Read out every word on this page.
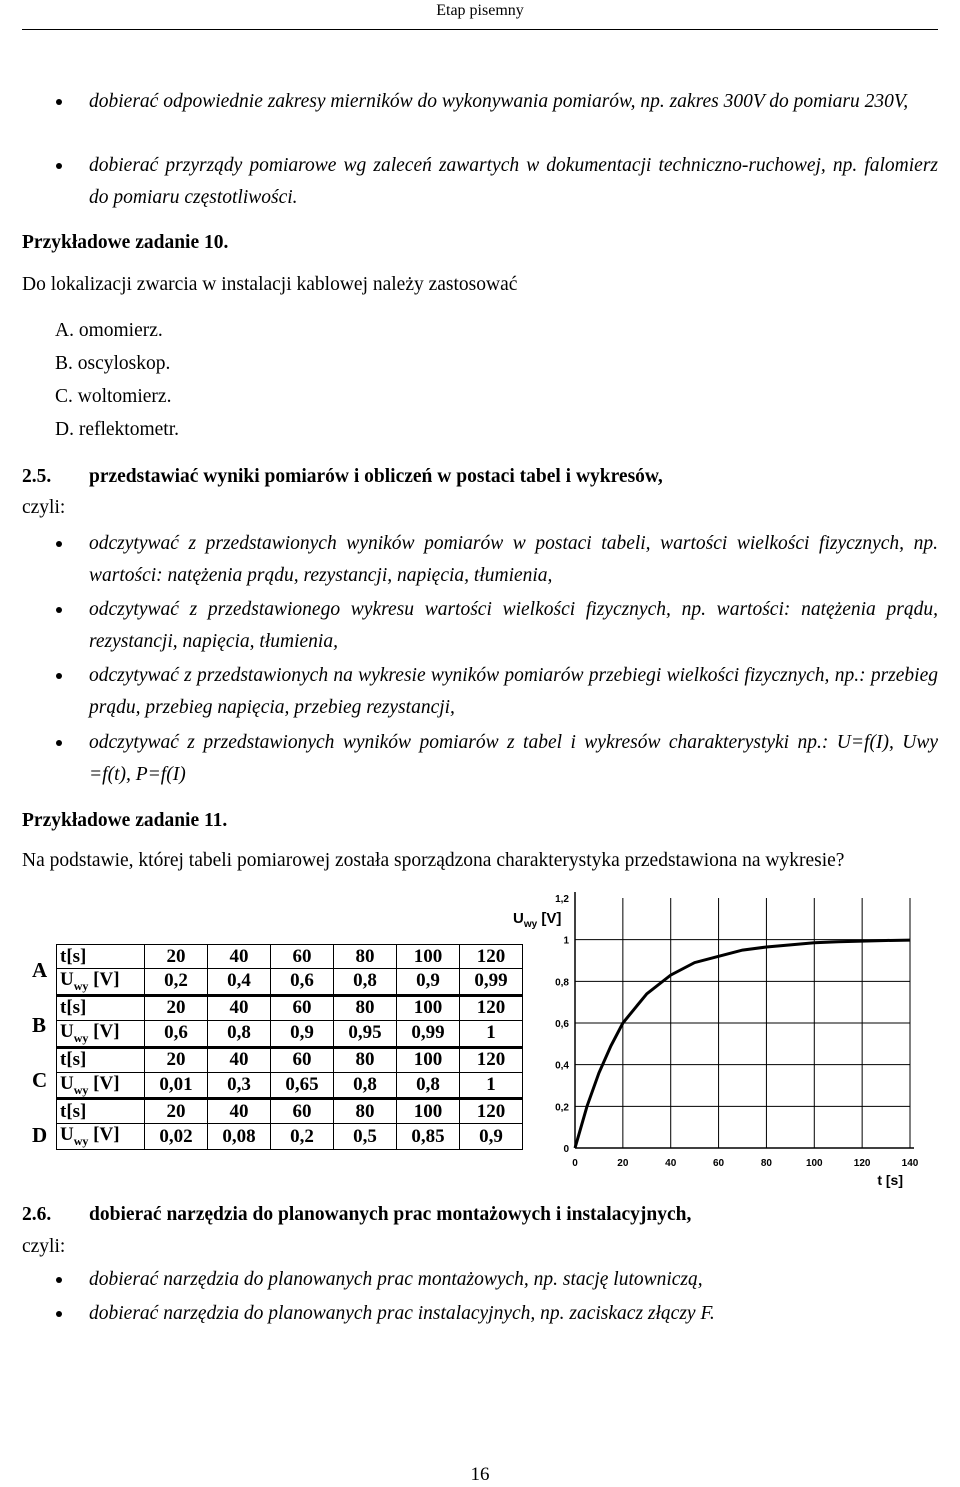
Etap pisemny
dobierać odpowiednie zakresy mierników do wykonywania pomiarów, np. zakres 300V do pomiaru 230V,
dobierać przyrządy pomiarowe wg zaleceń zawartych w dokumentacji techniczno-ruchowej, np. falomierz do pomiaru częstotliwości.
Przykładowe zadanie 10.
Do lokalizacji zwarcia w instalacji kablowej należy zastosować
A. omomierz.
B. oscyloskop.
C. woltomierz.
D. reflektometr.
2.5. przedstawiać wyniki pomiarów i obliczeń w postaci tabel i wykresów,
czyli:
odczytywać z przedstawionych wyników pomiarów w postaci tabeli, wartości wielkości fizycznych, np. wartości: natężenia prądu, rezystancji, napięcia, tłumienia,
odczytywać z przedstawionego wykresu wartości wielkości fizycznych, np. wartości: natężenia prądu, rezystancji, napięcia, tłumienia,
odczytywać z przedstawionych na wykresie wyników pomiarów przebiegi wielkości fizycznych, np.: przebieg prądu, przebieg napięcia, przebieg rezystancji,
odczytywać z przedstawionych wyników pomiarów z tabel i wykresów charakterystyki np.: U=f(I), Uwy =f(t), P=f(I)
Przykładowe zadanie 11.
Na podstawie, której tabeli pomiarowej została sporządzona charakterystyka przedstawiona na wykresie?
A
B
C
D
t[s]	20	40	60	80	100	120
$U_{wy}$ [V]	0,2	0,4	0,6	0,8	0,9	0,99
t[s]	20	40	60	80	100	120
$U_{wy}$ [V]	0,6	0,8	0,9	0,95	0,99	1
t[s]	20	40	60	80	100	120
$U_{wy}$ [V]	0,01	0,3	0,65	0,8	0,8	1
t[s]	20	40	60	80	100	120
$U_{wy}$ [V]	0,02	0,08	0,2	0,5	0,85	0,9
0	20	40	60	80	100	120	140
0
0,2
0,4
0,6
0,8
1
1,2
$U_{wy}$ [V]
t [s]
2.6. dobierać narzędzia do planowanych prac montażowych i instalacyjnych,
czyli:
dobierać narzędzia do planowanych prac montażowych, np. stację lutowniczą,
dobierać narzędzia do planowanych prac instalacyjnych, np. zaciskacz złączy F.
16
